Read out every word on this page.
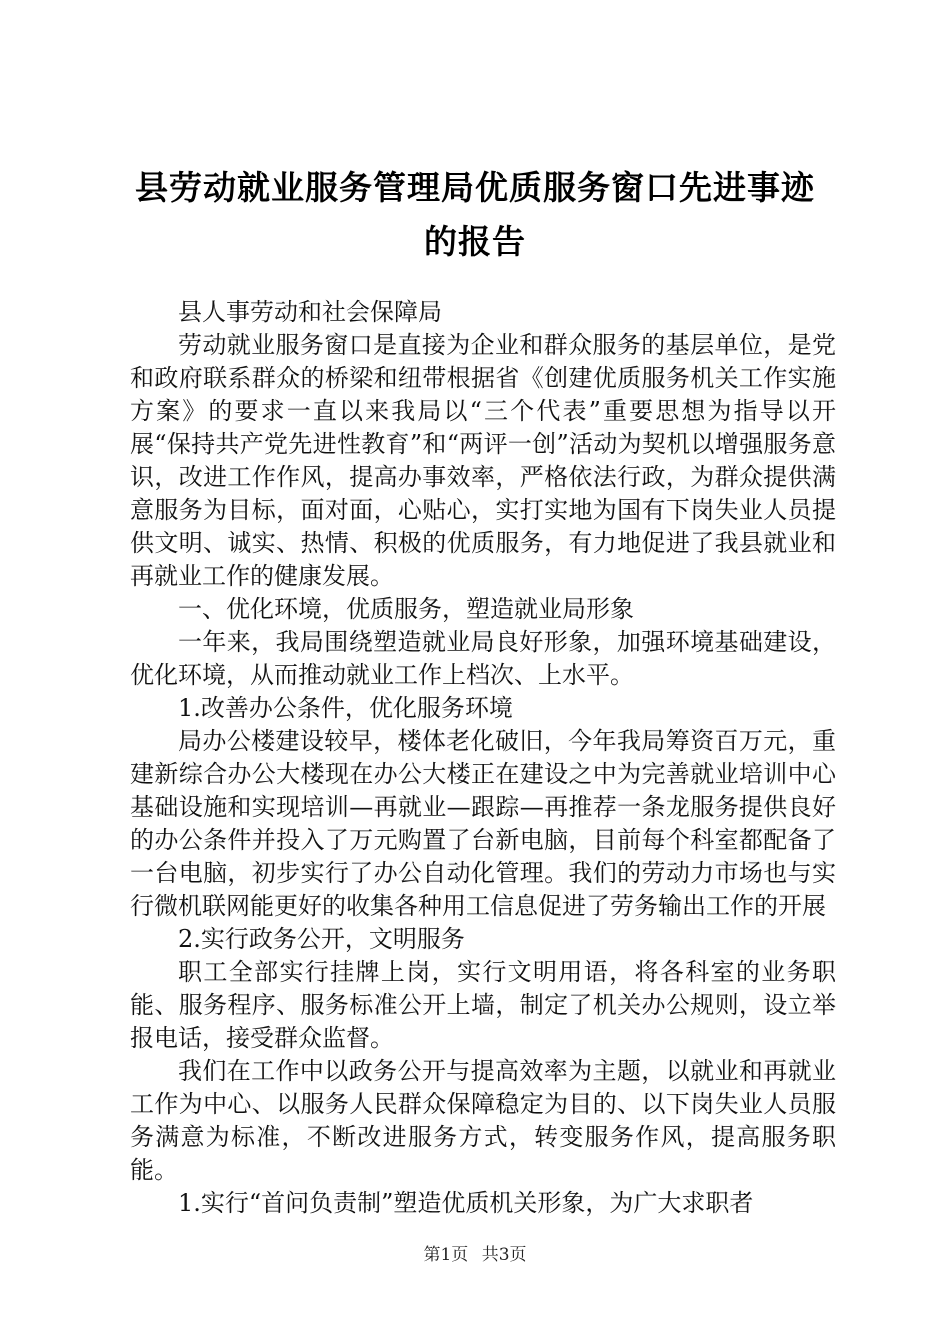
县劳动就业服务管理局优质服务窗口先进事迹
的报告

县人事劳动和社会保障局

劳动就业服务窗口是直接为企业和群众服务的基层单位，是党和政府联系群众的桥梁和纽带根据省《创建优质服务机关工作实施方案》的要求一直以来我局以“三个代表”重要思想为指导以开展“保持共产党先进性教育”和“两评一创”活动为契机以增强服务意识，改进工作作风，提高办事效率，严格依法行政，为群众提供满意服务为目标，面对面，心贴心，实打实地为国有下岗失业人员提供文明、诚实、热情、积极的优质服务，有力地促进了我县就业和再就业工作的健康发展。

一、优化环境，优质服务，塑造就业局形象

一年来，我局围绕塑造就业局良好形象，加强环境基础建设，优化环境，从而推动就业工作上档次、上水平。

1.改善办公条件，优化服务环境

局办公楼建设较早，楼体老化破旧，今年我局筹资百万元，重建新综合办公大楼现在办公大楼正在建设之中为完善就业培训中心基础设施和实现培训—再就业—跟踪—再推荐一条龙服务提供良好的办公条件并投入了万元购置了台新电脑，目前每个科室都配备了一台电脑，初步实行了办公自动化管理。我们的劳动力市场也与实行微机联网能更好的收集各种用工信息促进了劳务输出工作的开展

2.实行政务公开，文明服务

职工全部实行挂牌上岗，实行文明用语，将各科室的业务职能、服务程序、服务标准公开上墙，制定了机关办公规则，设立举报电话，接受群众监督。

我们在工作中以政务公开与提高效率为主题，以就业和再就业工作为中心、以服务人民群众保障稳定为目的、以下岗失业人员服务满意为标准，不断改进服务方式，转变服务作风，提高服务职能。

1.实行“首问负责制”塑造优质机关形象，为广大求职者

第1页 共3页
